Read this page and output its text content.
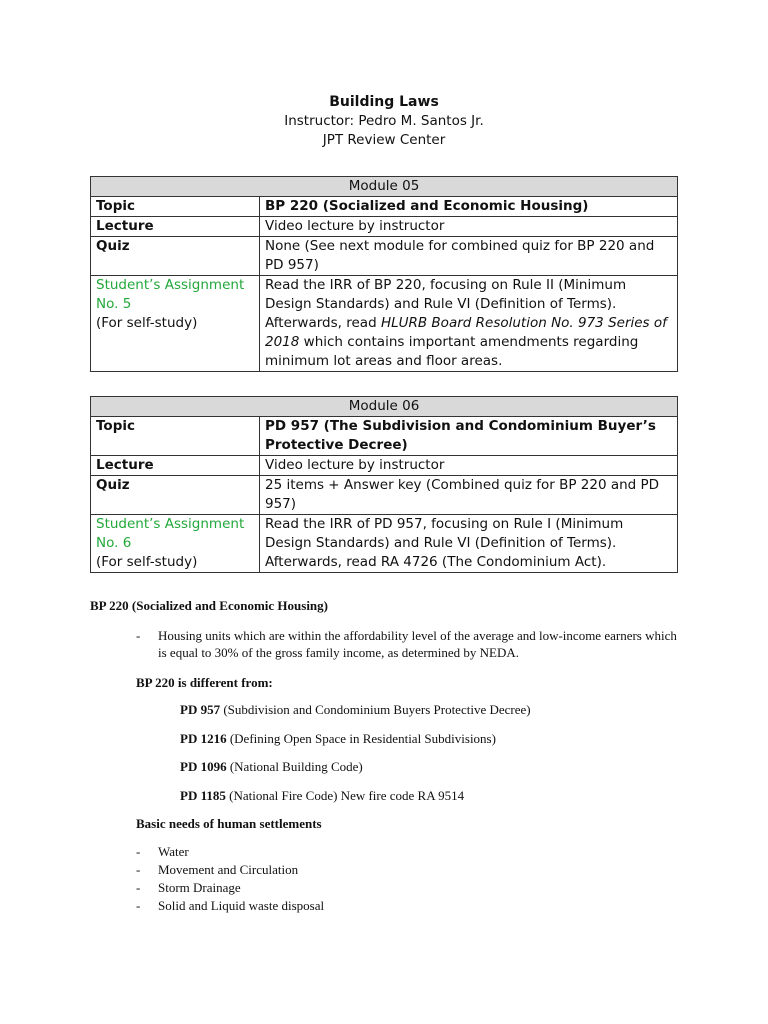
Building Laws
Instructor: Pedro M. Santos Jr.
JPT Review Center
Module 05	
Topic	BP 220 (Socialized and Economic Housing)
Lecture	Video lecture by instructor
Quiz	None (See next module for combined quiz for BP 220 and PD 957)

Student’s Assignment No. 5
(For self-study)	Read the IRR of BP 220, focusing on Rule II (Minimum Design Standards) and Rule VI (Definition of Terms). Afterwards, read HLURB Board Resolution No. 973 Series of 2018 which contains important amendments regarding minimum lot areas and floor areas.
Module 06	
Topic	PD 957 (The Subdivision and Condominium Buyer’s Protective Decree)
Lecture	Video lecture by instructor
Quiz	25 items + Answer key (Combined quiz for BP 220 and PD 957)

Student’s Assignment No. 6
(For self-study)	Read the IRR of PD 957, focusing on Rule I (Minimum Design Standards) and Rule VI (Definition of Terms). Afterwards, read RA 4726 (The Condominium Act).
BP 220 (Socialized and Economic Housing)
- Housing units which are within the affordability level of the average and low-income earners which is equal to 30% of the gross family income, as determined by NEDA.
BP 220 is different from:
PD 957 (Subdivision and Condominium Buyers Protective Decree)
PD 1216 (Defining Open Space in Residential Subdivisions)
PD 1096 (National Building Code)
PD 1185 (National Fire Code) New fire code RA 9514
Basic needs of human settlements
- Water
- Movement and Circulation
- Storm Drainage
- Solid and Liquid waste disposal
